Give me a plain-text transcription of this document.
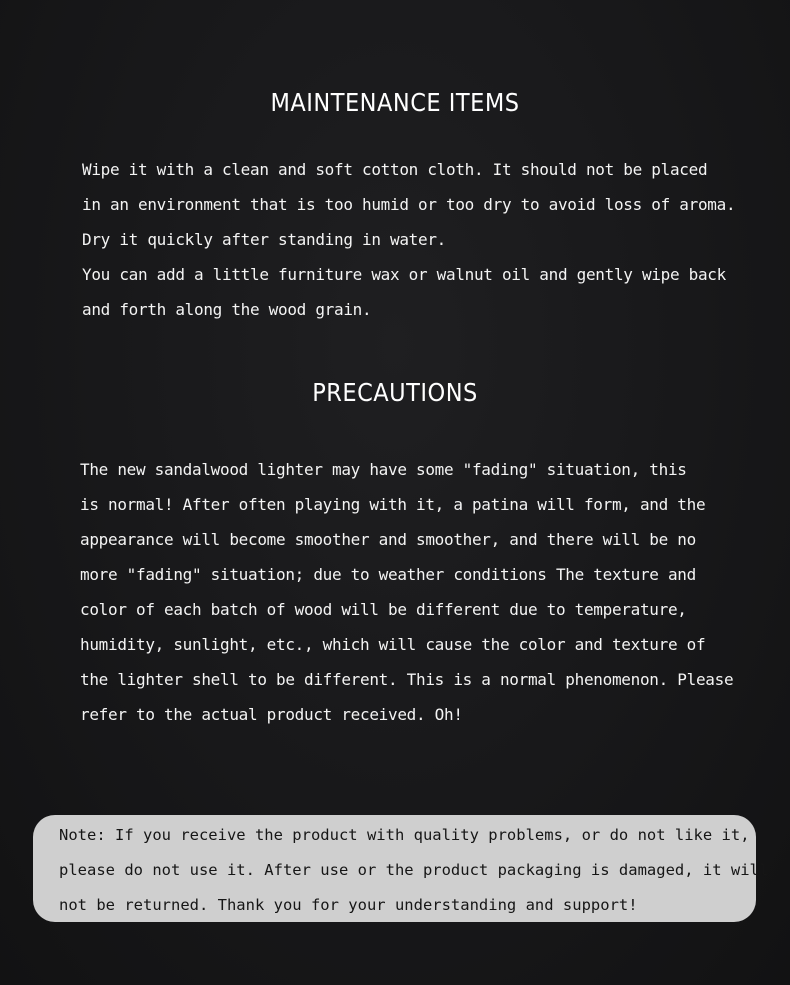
MAINTENANCE ITEMS
Wipe it with a clean and soft cotton cloth. It should not be placed
in an environment that is too humid or too dry to avoid loss of aroma.
Dry it quickly after standing in water.
You can add a little furniture wax or walnut oil and gently wipe back
and forth along the wood grain.
PRECAUTIONS
The new sandalwood lighter may have some "fading" situation, this
is normal! After often playing with it, a patina will form, and the
appearance will become smoother and smoother, and there will be no
more "fading" situation; due to weather conditions The texture and
color of each batch of wood will be different due to temperature,
humidity, sunlight, etc., which will cause the color and texture of
the lighter shell to be different. This is a normal phenomenon. Please
refer to the actual product received. Oh!
Note: If you receive the product with quality problems, or do not like it,
please do not use it. After use or the product packaging is damaged, it will
not be returned. Thank you for your understanding and support!
